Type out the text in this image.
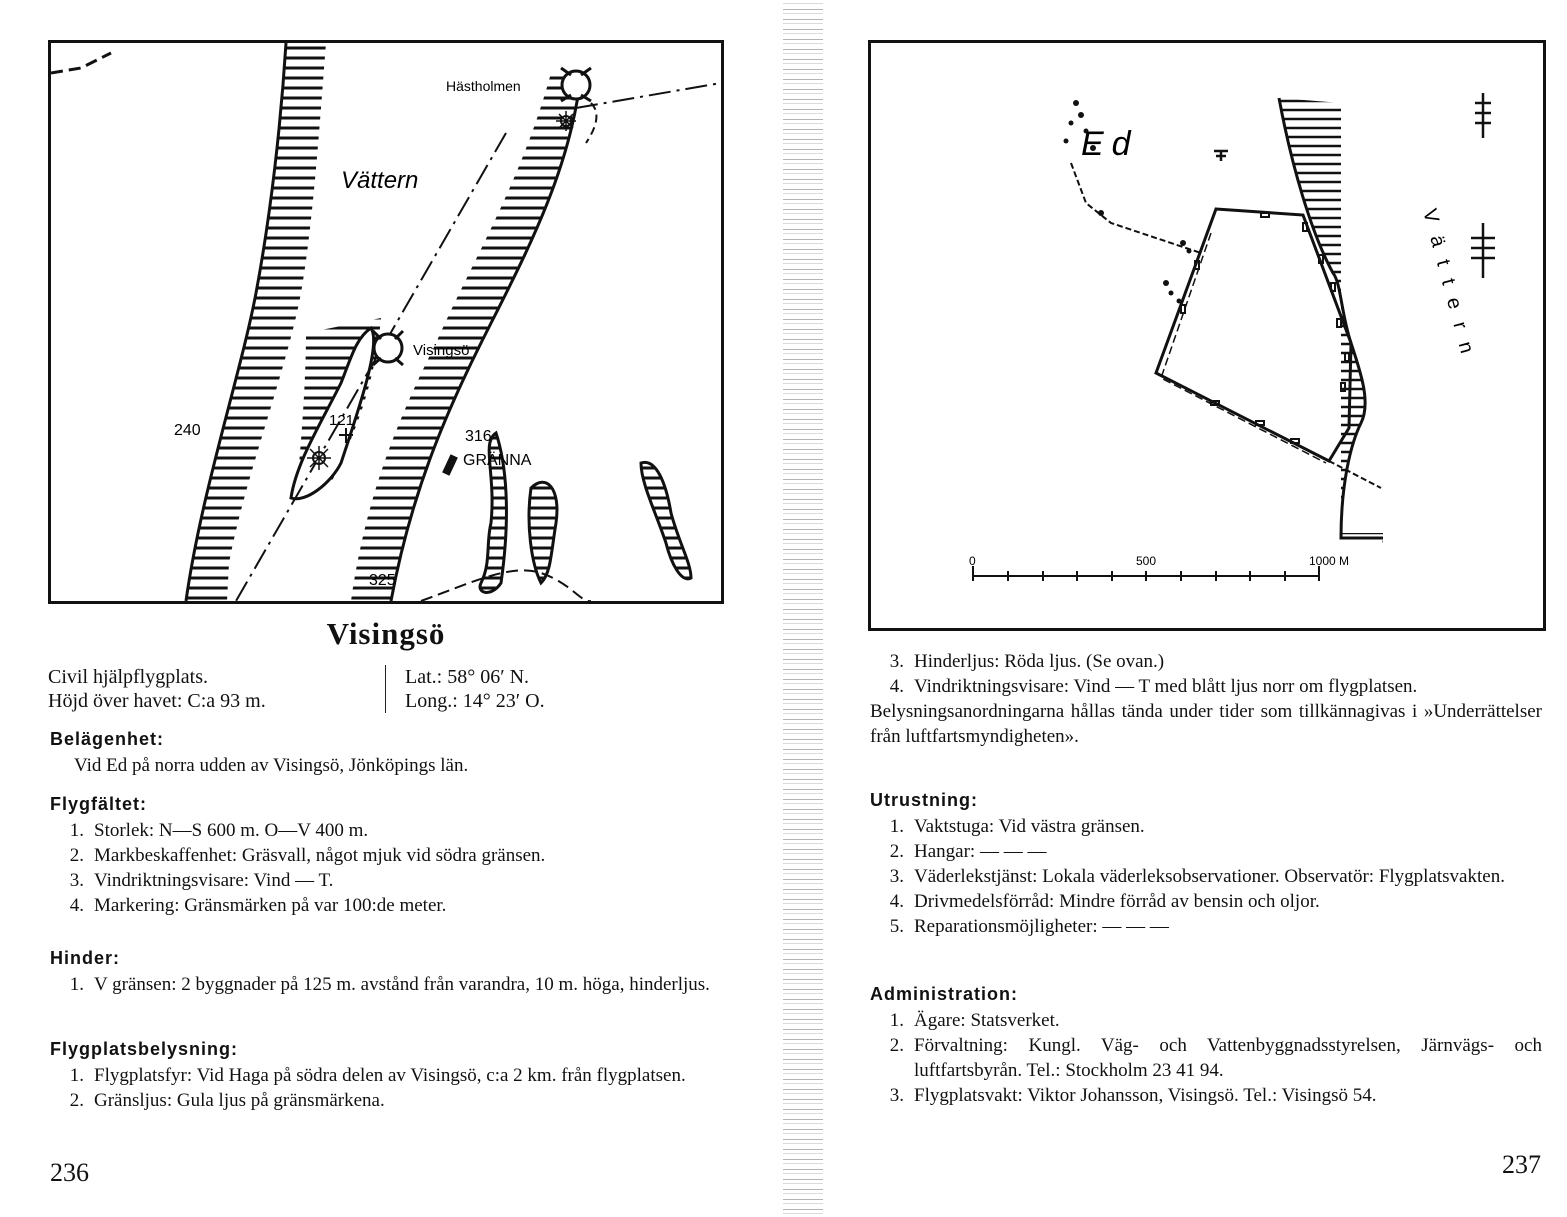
Vättern
Hästholmen
Visingsö
240
121
316
GRÄNNA
325
Visingsö
Civil hjälpflygplats.
Höjd över havet: C:a 93 m.
Lat.: 58° 06′ N.
Long.: 14° 23′ O.
Belägenhet:
Vid Ed på norra udden av Visingsö, Jönköpings län.
Flygfältet:
1. Storlek: N—S 600 m. O—V 400 m.
2. Markbeskaffenhet: Gräsvall, något mjuk vid södra gränsen.
3. Vindriktningsvisare: Vind — T.
4. Markering: Gränsmärken på var 100:de meter.
Hinder:
1. V gränsen: 2 byggnader på 125 m. avstånd från varandra, 10 m. höga, hinderljus.
Flygplatsbelysning:
1. Flygplatsfyr: Vid Haga på södra delen av Visingsö, c:a 2 km. från flygplatsen.
2. Gränsljus: Gula ljus på gränsmärkena.
236
Ed
Vättern
0	500	1000 M
3. Hinderljus: Röda ljus. (Se ovan.)
4. Vindriktningsvisare: Vind — T med blått ljus norr om flygplatsen.
Belysningsanordningarna hållas tända under tider som tillkännagivas i »Underrättelser från luftfartsmyndigheten».
Utrustning:
1. Vaktstuga: Vid västra gränsen.
2. Hangar: — — —
3. Väderlekstjänst: Lokala väderleksobservationer. Observatör: Flygplatsvakten.
4. Drivmedelsförråd: Mindre förråd av bensin och oljor.
5. Reparationsmöjligheter: — — —
Administration:
1. Ägare: Statsverket.
2. Förvaltning: Kungl. Väg- och Vattenbyggnadsstyrelsen, Järnvägs- och luftfartsbyrån. Tel.: Stockholm 23 41 94.
3. Flygplatsvakt: Viktor Johansson, Visingsö. Tel.: Visingsö 54.
237
